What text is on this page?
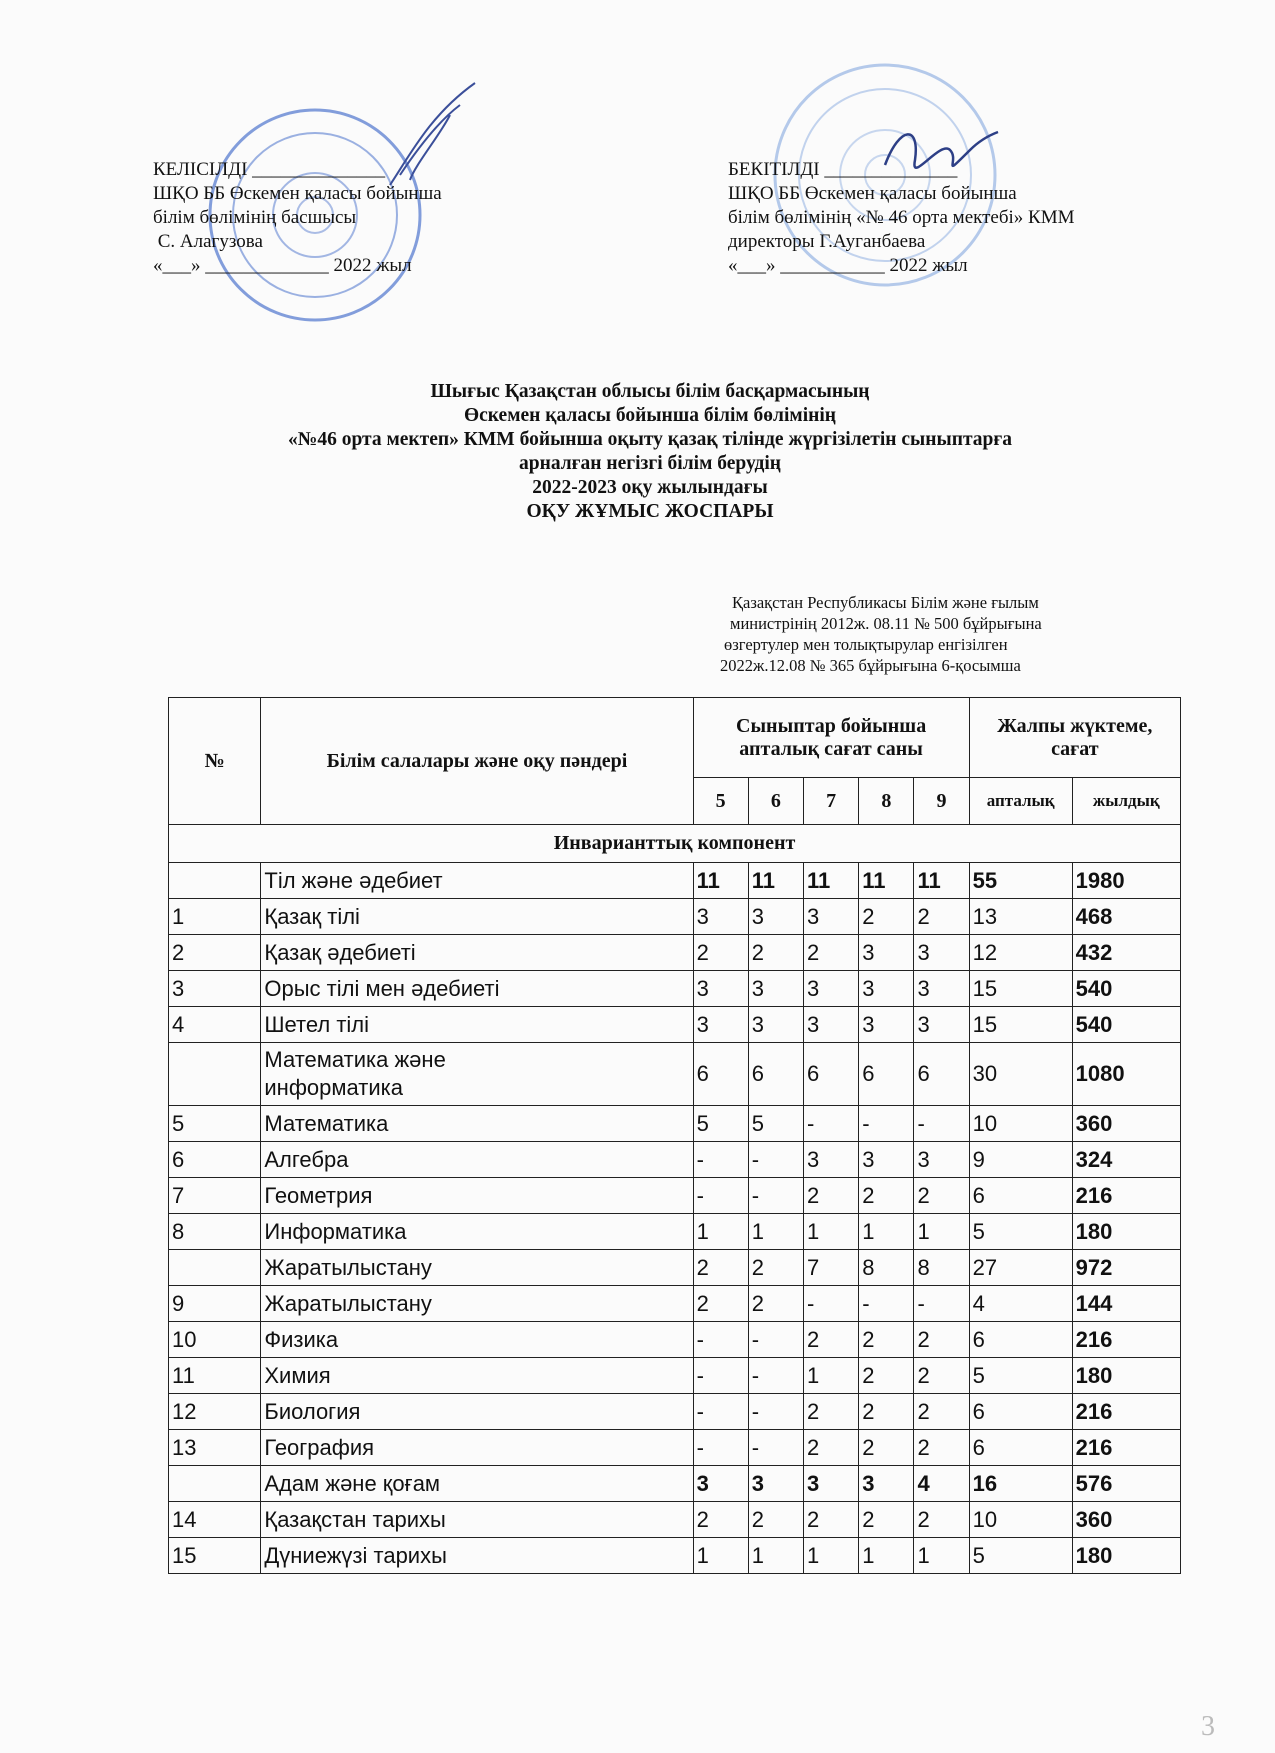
КЕЛІСІЛДІ ______________
ШҚО ББ Өскемен қаласы бойынша
білім бөлімінің басшысы
С. Алагузова
«___» _____________ 2022 жыл
БЕКІТІЛДІ ______________
ШҚО ББ Өскемен қаласы бойынша
білім бөлімінің «№ 46 орта мектебі» КММ
директоры Г.Ауганбаева
«___» ___________ 2022 жыл
Шығыс Қазақстан облысы білім басқармасының
Өскемен қаласы бойынша білім бөлімінің
«№46 орта мектеп» КММ бойынша оқыту қазақ тілінде жүргізілетін сыныптарға
арналған негізгі білім берудің
2022-2023 оқу жылындағы
ОҚУ ЖҰМЫС ЖОСПАРЫ
Қазақстан Республикасы Білім және ғылым
министрінің 2012ж. 08.11 № 500 бұйрығына
өзгертулер мен толықтырулар енгізілген
2022ж.12.08 № 365 бұйрығына 6-қосымша
№	Білім салалары және оқу пәндері	Сыныптар бойынша апталық сағат саны					Жалпы жүктеме, сағат	
		5	6	7	8	9	апталық	жылдық
Инварианттық компонент								
	Тіл және әдебиет	11	11	11	11	11	55	1980
1	Қазақ тілі	3	3	3	2	2	13	468
2	Қазақ әдебиеті	2	2	2	3	3	12	432
3	Орыс тілі мен әдебиеті	3	3	3	3	3	15	540
4	Шетел тілі	3	3	3	3	3	15	540
	Математика және информатика	6	6	6	6	6	30	1080
5	Математика	5	5	-	-	-	10	360
6	Алгебра	-	-	3	3	3	9	324
7	Геометрия	-	-	2	2	2	6	216
8	Информатика	1	1	1	1	1	5	180
	Жаратылыстану	2	2	7	8	8	27	972
9	Жаратылыстану	2	2	-	-	-	4	144
10	Физика	-	-	2	2	2	6	216
11	Химия	-	-	1	2	2	5	180
12	Биология	-	-	2	2	2	6	216
13	География	-	-	2	2	2	6	216
	Адам және қоғам	3	3	3	3	4	16	576
14	Қазақстан тарихы	2	2	2	2	2	10	360
15	Дүниежүзі тарихы	1	1	1	1	1	5	180
3
